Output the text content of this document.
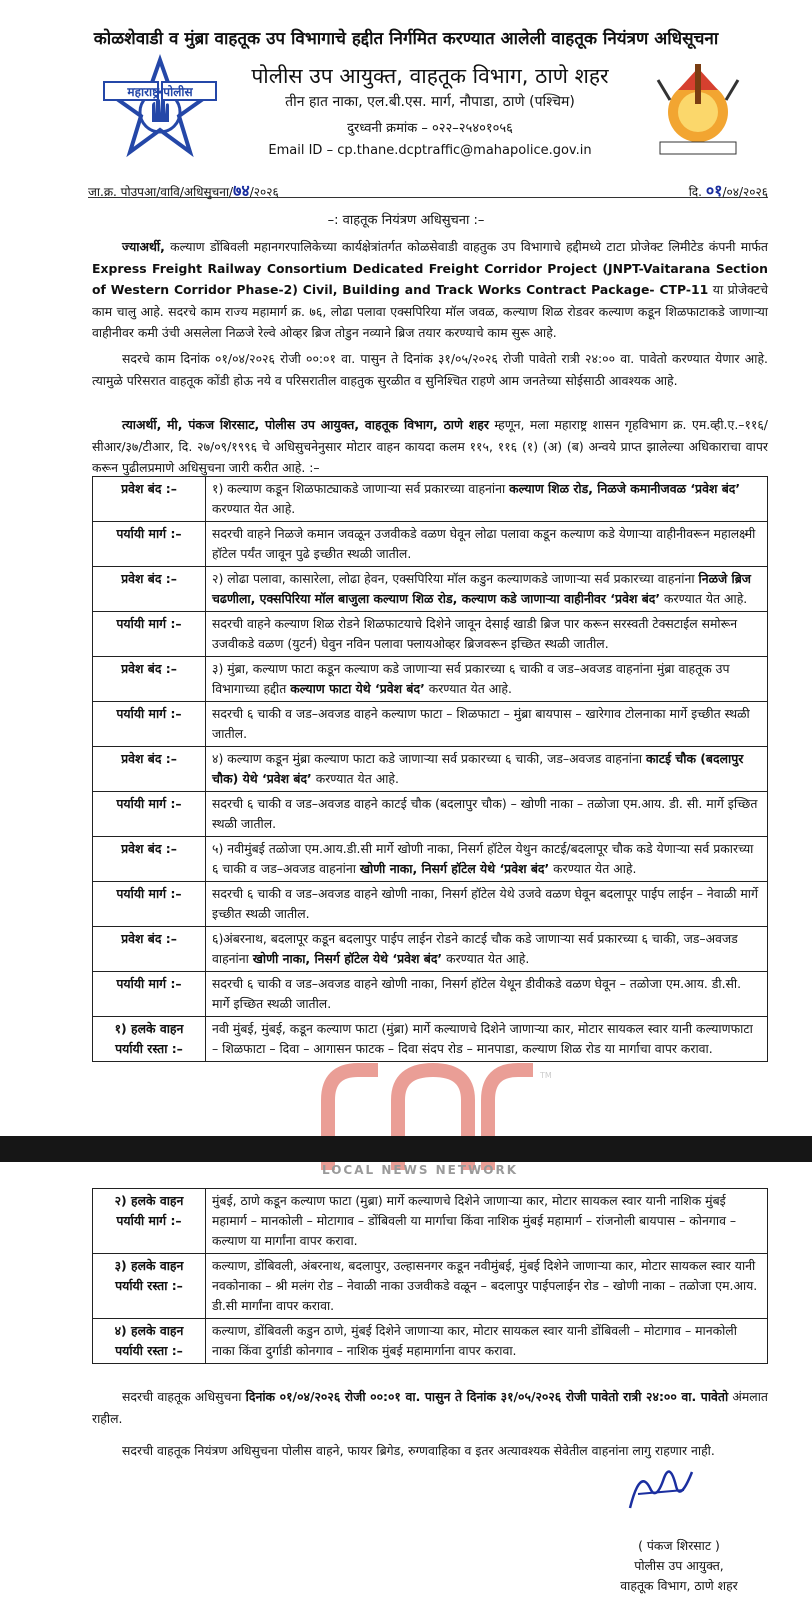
कोळशेवाडी व मुंब्रा वाहतूक उप विभागाचे हद्दीत निर्गमित करण्यात आलेली वाहतूक नियंत्रण अधिसूचना
महाराष्ट्र पोलीस
पोलीस उप आयुक्त, वाहतूक विभाग, ठाणे शहर
तीन हात नाका, एल.बी.एस. मार्ग, नौपाडा, ठाणे (पश्चिम)
दुरध्वनी क्रमांक – ०२२–२५४०१०५६
Email ID – cp.thane.dcptraffic@mahapolice.gov.in
जा.क्र. पोउपआ/वावि/अधिसुचना/७४/२०२६	दि. ०१/०४/२०२६
–: वाहतूक नियंत्रण अधिसुचना :–
ज्याअर्थी, कल्याण डोंबिवली महानगरपालिकेच्या कार्यक्षेत्रांतर्गत कोळसेवाडी वाहतुक उप विभागाचे हद्दीमध्ये टाटा प्रोजेक्ट लिमीटेड कंपनी मार्फत Express Freight Railway Consortium Dedicated Freight Corridor Project (JNPT-Vaitarana Section of Western Corridor Phase-2) Civil, Building and Track Works Contract Package- CTP-11 या प्रोजेक्टचे काम चालु आहे. सदरचे काम राज्य महामार्ग क्र. ७६, लोढा पलावा एक्सपिरिया मॉल जवळ, कल्याण शिळ रोडवर कल्याण कडून शिळफाटाकडे जाणाऱ्या वाहीनीवर कमी उंची असलेला निळजे रेल्वे ओव्हर ब्रिज तोडुन नव्याने ब्रिज तयार करण्याचे काम सुरू आहे.
सदरचे काम दिनांक ०१/०४/२०२६ रोजी ००:०१ वा. पासुन ते दिनांक ३१/०५/२०२६ रोजी पावेतो रात्री २४:०० वा. पावेतो करण्यात येणार आहे. त्यामुळे परिसरात वाहतूक कोंडी होऊ नये व परिसरातील वाहतुक सुरळीत व सुनिश्चित राहणे आम जनतेच्या सोईसाठी आवश्यक आहे.
त्याअर्थी, मी, पंकज शिरसाट, पोलीस उप आयुक्त, वाहतूक विभाग, ठाणे शहर म्हणून, मला महाराष्ट्र शासन गृहविभाग क्र. एम.व्ही.ए.–११६/सीआर/३७/टीआर, दि. २७/०९/१९९६ चे अधिसुचनेनुसार मोटार वाहन कायदा कलम ११५, ११६ (१) (अ) (ब) अन्वये प्राप्त झालेल्या अधिकाराचा वापर करून पुढीलप्रमाणे अधिसुचना जारी करीत आहे. :–
प्रवेश बंद :–	१) कल्याण कडून शिळफाट्याकडे जाणाऱ्या सर्व प्रकारच्या वाहनांना कल्याण शिळ रोड, निळजे कमानीजवळ ‘प्रवेश बंद’ करण्यात येत आहे.
पर्यायी मार्ग :–	सदरची वाहने निळजे कमान जवळून उजवीकडे वळण घेवून लोढा पलावा कडून कल्याण कडे येणाऱ्या वाहीनीवरून महालक्ष्मी हॉटेल पर्यंत जावून पुढे इच्छीत स्थळी जातील.
प्रवेश बंद :–	२) लोढा पलावा, कासारेला, लोढा हेवन, एक्सपिरिया मॉल कडुन कल्याणकडे जाणाऱ्या सर्व प्रकारच्या वाहनांना निळजे ब्रिज चढणीला, एक्सपिरिया मॉल बाजुला कल्याण शिळ रोड, कल्याण कडे जाणाऱ्या वाहीनीवर ‘प्रवेश बंद’ करण्यात येत आहे.
पर्यायी मार्ग :–	सदरची वाहने कल्याण शिळ रोडने शिळफाटयाचे दिशेने जावून देसाई खाडी ब्रिज पार करून सरस्वती टेक्सटाईल समोरून उजवीकडे वळण (युटर्न) घेवुन नविन पलावा फ्लायओव्हर ब्रिजवरून इच्छित स्थळी जातील.
प्रवेश बंद :–	३) मुंब्रा, कल्याण फाटा कडून कल्याण कडे जाणाऱ्या सर्व प्रकारच्या ६ चाकी व जड–अवजड वाहनांना मुंब्रा वाहतूक उप विभागाच्या हद्दीत कल्याण फाटा येथे ‘प्रवेश बंद’ करण्यात येत आहे.
पर्यायी मार्ग :–	सदरची ६ चाकी व जड–अवजड वाहने कल्याण फाटा – शिळफाटा – मुंब्रा बायपास – खारेगाव टोलनाका मार्गे इच्छीत स्थळी जातील.
प्रवेश बंद :–	४) कल्याण कडून मुंब्रा कल्याण फाटा कडे जाणाऱ्या सर्व प्रकारच्या ६ चाकी, जड–अवजड वाहनांना काटई चौक (बदलापुर चौक) येथे ‘प्रवेश बंद’ करण्यात येत आहे.
पर्यायी मार्ग :–	सदरची ६ चाकी व जड–अवजड वाहने काटई चौक (बदलापुर चौक) – खोणी नाका – तळोजा एम.आय. डी. सी. मार्गे इच्छित स्थळी जातील.
प्रवेश बंद :–	५) नवीमुंबई तळोजा एम.आय.डी.सी मार्गे खोणी नाका, निसर्ग हॉटेल येथुन काटई/बदलापूर चौक कडे येणाऱ्या सर्व प्रकारच्या ६ चाकी व जड–अवजड वाहनांना खोणी नाका, निसर्ग हॉटेल येथे ‘प्रवेश बंद’ करण्यात येत आहे.
पर्यायी मार्ग :–	सदरची ६ चाकी व जड–अवजड वाहने खोणी नाका, निसर्ग हॉटेल येथे उजवे वळण घेवून बदलापूर पाईप लाईन – नेवाळी मार्गे इच्छीत स्थळी जातील.
प्रवेश बंद :–	६)अंबरनाथ, बदलापूर कडून बदलापुर पाईप लाईन रोडने काटई चौक कडे जाणाऱ्या सर्व प्रकारच्या ६ चाकी, जड–अवजड वाहनांना खोणी नाका, निसर्ग हॉटेल येथे ‘प्रवेश बंद’ करण्यात येत आहे.
पर्यायी मार्ग :–	सदरची ६ चाकी व जड–अवजड वाहने खोणी नाका, निसर्ग हॉटेल येथून डीवीकडे वळण घेवून – तळोजा एम.आय. डी.सी. मार्गे इच्छित स्थळी जातील.
१) हलके वाहन पर्यायी रस्ता :–	नवी मुंबई, मुंबई, कडून कल्याण फाटा (मुंब्रा) मार्गे कल्याणचे दिशेने जाणाऱ्या कार, मोटार सायकल स्वार यानी कल्याणफाटा – शिळफाटा – दिवा – आगासन फाटक – दिवा संदप रोड – मानपाडा, कल्याण शिळ रोड या मार्गाचा वापर करावा.
TM
LOCAL NEWS NETWORK
२) हलके वाहन पर्यायी मार्ग :–	मुंबई, ठाणे कडून कल्याण फाटा (मुब्रा) मार्गे कल्याणचे दिशेने जाणाऱ्या कार, मोटार सायकल स्वार यानी नाशिक मुंबई महामार्ग – मानकोली – मोटागाव – डोंबिवली या मार्गाचा किंवा नाशिक मुंबई महामार्ग – रांजनोली बायपास – कोनगाव – कल्याण या मार्गांना वापर करावा.
३) हलके वाहन पर्यायी रस्ता :–	कल्याण, डोंबिवली, अंबरनाथ, बदलापुर, उल्हासनगर कडून नवीमुंबई, मुंबई दिशेने जाणाऱ्या कार, मोटार सायकल स्वार यानी नवकोनाका – श्री मलंग रोड – नेवाळी नाका उजवीकडे वळून – बदलापुर पाईपलाईन रोड – खोणी नाका – तळोजा एम.आय. डी.सी मार्गांना वापर करावा.
४) हलके वाहन पर्यायी रस्ता :–	कल्याण, डोंबिवली कडुन ठाणे, मुंबई दिशेने जाणाऱ्या कार, मोटार सायकल स्वार यानी डोंबिवली – मोटागाव – मानकोली नाका किंवा दुर्गाडी कोनगाव – नाशिक मुंबई महामार्गाना वापर करावा.
सदरची वाहतूक अधिसुचना दिनांक ०१/०४/२०२६ रोजी ००:०१ वा. पासुन ते दिनांक ३१/०५/२०२६ रोजी पावेतो रात्री २४:०० वा. पावेतो अंमलात राहील.
सदरची वाहतूक नियंत्रण अधिसुचना पोलीस वाहने, फायर ब्रिगेड, रुग्णवाहिका व इतर अत्यावश्यक सेवेतील वाहनांना लागु राहणार नाही.
( पंकज शिरसाट )
पोलीस उप आयुक्त,
वाहतूक विभाग, ठाणे शहर
